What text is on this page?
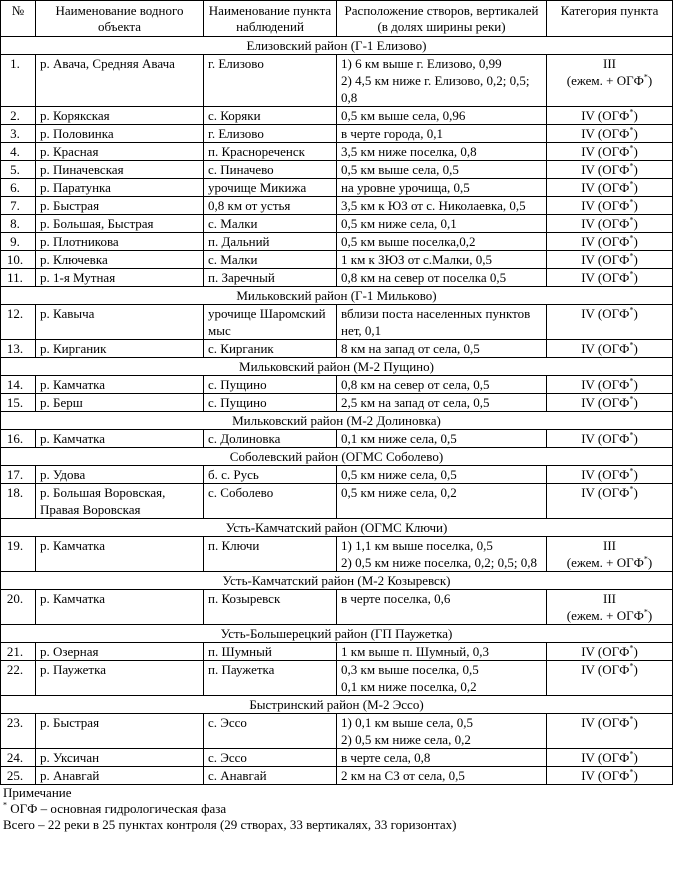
№	Наименование водного объекта	Наименование пункта наблюдений	Расположение створов, вертикалей (в долях ширины реки)	Категория пункта
Елизовский район (Г-1 Елизово)				
1.	р. Авача, Средняя Авача	г. Елизово	1) 6 км выше г. Елизово, 0,99
2) 4,5 км ниже г. Елизово, 0,2; 0,5; 0,8	III
(ежем. + ОГФ*)

2.	р. Корякская	с. Коряки	0,5 км выше села, 0,96	IV (ОГФ*)

3.	р. Половинка	г. Елизово	в черте города, 0,1	IV (ОГФ*)

4.	р. Красная	п. Краснореченск	3,5 км ниже поселка, 0,8	IV (ОГФ*)

5.	р. Пиначевская	с. Пиначево	0,5 км выше села, 0,5	IV (ОГФ*)

6.	р. Паратунка	урочище Микижа	на уровне урочища, 0,5	IV (ОГФ*)

7.	р. Быстрая	0,8 км от устья	3,5 км к ЮЗ от с. Николаевка, 0,5	IV (ОГФ*)

8.	р. Большая, Быстрая	с. Малки	0,5 км ниже села, 0,1	IV (ОГФ*)

9.	р. Плотникова	п. Дальний	0,5 км выше поселка,0,2	IV (ОГФ*)

10.	р. Ключевка	с. Малки	1 км к ЗЮЗ от с.Малки, 0,5	IV (ОГФ*)

11.	р. 1-я Мутная	п. Заречный	0,8 км на север от поселка 0,5	IV (ОГФ*)

Мильковский район (Г-1 Мильково)				
12.	р. Кавыча	урочище Шаромский мыс	вблизи поста населенных пунктов нет, 0,1	IV (ОГФ*)

13.	р. Кирганик	с. Кирганик	8 км на запад от села, 0,5	IV (ОГФ*)

Мильковский район (М-2 Пущино)				
14.	р. Камчатка	с. Пущино	0,8 км на север от села, 0,5	IV (ОГФ*)

15.	р. Берш	с. Пущино	2,5 км на запад от села, 0,5	IV (ОГФ*)

Мильковский район (М-2 Долиновка)				
16.	р. Камчатка	с. Долиновка	0,1 км ниже села, 0,5	IV (ОГФ*)

Соболевский район (ОГМС Соболево)				
17.	р. Удова	б. с. Русь	0,5 км ниже села, 0,5	IV (ОГФ*)

18.	р. Большая Воровская, Правая Воровская	с. Соболево	0,5 км ниже села, 0,2	IV (ОГФ*)

Усть-Камчатский район (ОГМС Ключи)				
19.	р. Камчатка	п. Ключи	1) 1,1 км выше поселка, 0,5
2) 0,5 км ниже поселка, 0,2; 0,5; 0,8	III
(ежем. + ОГФ*)

Усть-Камчатский район (М-2 Козыревск)				
20.	р. Камчатка	п. Козыревск	в черте поселка, 0,6	III
(ежем. + ОГФ*)

Усть-Большерецкий район (ГП Паужетка)				
21.	р. Озерная	п. Шумный	1 км выше п. Шумный, 0,3	IV (ОГФ*)

22.	р. Паужетка	п. Паужетка	0,3 км выше поселка, 0,5
0,1 км ниже поселка, 0,2	IV (ОГФ*)

Быстринский район (М-2 Эссо)				
23.	р. Быстрая	с. Эссо	1) 0,1 км выше села, 0,5
2) 0,5 км ниже села, 0,2	IV (ОГФ*)

24.	р. Уксичан	с. Эссо	в черте села, 0,8	IV (ОГФ*)

25.	р. Анавгай	с. Анавгай	2 км на СЗ от села, 0,5	IV (ОГФ*)
Примечание
* ОГФ – основная гидрологическая фаза
Всего – 22 реки в 25 пунктах контроля (29 створах, 33 вертикалях, 33 горизонтах)
